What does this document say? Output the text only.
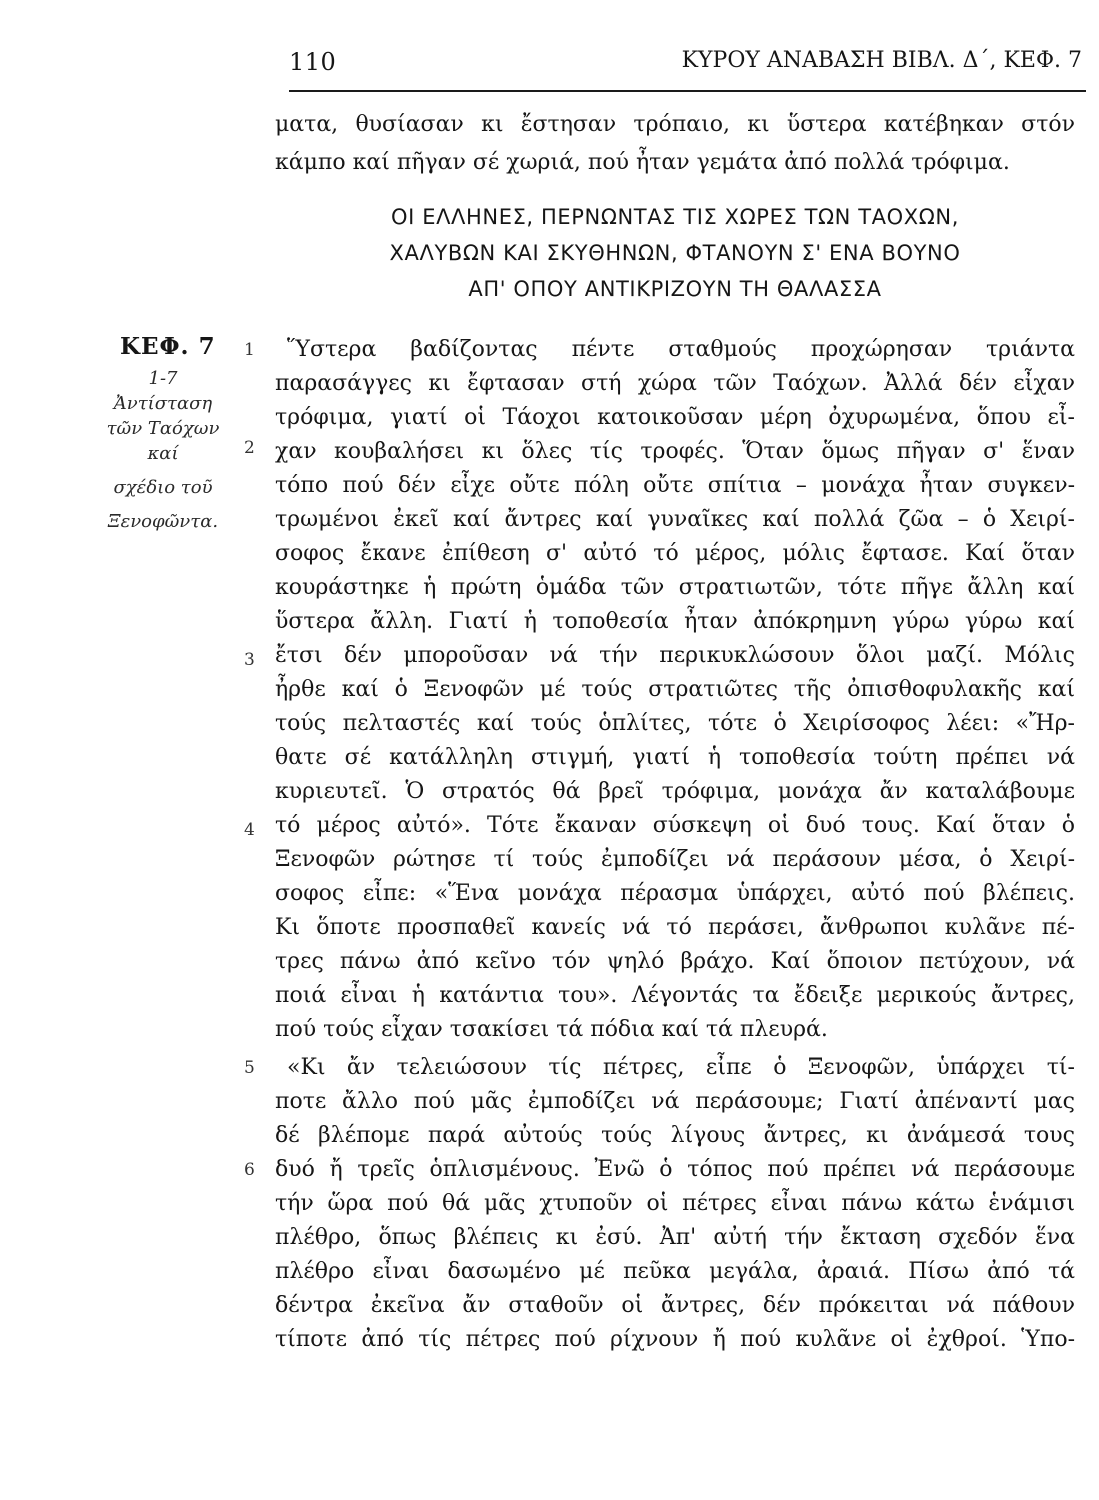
110	ΚΥΡΟΥ ΑΝΑΒΑΣΗ ΒΙΒΛ. Δ΄, ΚΕΦ. 7
ματα, θυσίασαν κι ἔστησαν τρόπαιο, κι ὕστερα κατέβηκαν στόν
κάμπο καί πῆγαν σέ χωριά, πού ἦταν γεμάτα ἀπό πολλά τρόφιμα.
ΟΙ ΕΛΛΗΝΕΣ, ΠΕΡΝΩΝΤΑΣ ΤΙΣ ΧΩΡΕΣ ΤΩΝ ΤΑΟΧΩΝ,
ΧΑΛΥΒΩΝ ΚΑΙ ΣΚΥΘΗΝΩΝ, ΦΤΑΝΟΥΝ Σ' ΕΝΑ ΒΟΥΝΟ
ΑΠ' ΟΠΟΥ ΑΝΤΙΚΡΙΖΟΥΝ ΤΗ ΘΑΛΑΣΣΑ
ΚΕΦ. 7
1-7
Ἀντίσταση
τῶν Ταόχων
καί
σχέδιο τοῦ
Ξενοφῶντα.
1
2
3
4
5
6
Ὕστερα βαδίζοντας πέντε σταθμούς προχώρησαν τριάντα
παρασάγγες κι ἔφτασαν στή χώρα τῶν Ταόχων. Ἀλλά δέν εἶχαν
τρόφιμα, γιατί οἱ Τάοχοι κατοικοῦσαν μέρη ὀχυρωμένα, ὅπου εἶ-
χαν κουβαλήσει κι ὅλες τίς τροφές. Ὅταν ὅμως πῆγαν σ' ἕναν
τόπο πού δέν εἶχε οὔτε πόλη οὔτε σπίτια – μονάχα ἦταν συγκεν-
τρωμένοι ἐκεῖ καί ἄντρες καί γυναῖκες καί πολλά ζῶα – ὁ Χειρί-
σοφος ἔκανε ἐπίθεση σ' αὐτό τό μέρος, μόλις ἔφτασε. Καί ὅταν
κουράστηκε ἡ πρώτη ὁμάδα τῶν στρατιωτῶν, τότε πῆγε ἄλλη καί
ὕστερα ἄλλη. Γιατί ἡ τοποθεσία ἦταν ἀπόκρημνη γύρω γύρω καί
ἔτσι δέν μποροῦσαν νά τήν περικυκλώσουν ὅλοι μαζί. Μόλις
ἦρθε καί ὁ Ξενοφῶν μέ τούς στρατιῶτες τῆς ὀπισθοφυλακῆς καί
τούς πελταστές καί τούς ὁπλίτες, τότε ὁ Χειρίσοφος λέει: «Ἤρ-
θατε σέ κατάλληλη στιγμή, γιατί ἡ τοποθεσία τούτη πρέπει νά
κυριευτεῖ. Ὁ στρατός θά βρεῖ τρόφιμα, μονάχα ἄν καταλάβουμε
τό μέρος αὐτό». Τότε ἔκαναν σύσκεψη οἱ δυό τους. Καί ὅταν ὁ
Ξενοφῶν ρώτησε τί τούς ἐμποδίζει νά περάσουν μέσα, ὁ Χειρί-
σοφος εἶπε: «Ἕνα μονάχα πέρασμα ὑπάρχει, αὐτό πού βλέπεις.
Κι ὅποτε προσπαθεῖ κανείς νά τό περάσει, ἄνθρωποι κυλᾶνε πέ-
τρες πάνω ἀπό κεῖνο τόν ψηλό βράχο. Καί ὅποιον πετύχουν, νά
ποιά εἶναι ἡ κατάντια του». Λέγοντάς τα ἔδειξε μερικούς ἄντρες,
πού τούς εἶχαν τσακίσει τά πόδια καί τά πλευρά.
«Κι ἄν τελειώσουν τίς πέτρες, εἶπε ὁ Ξενοφῶν, ὑπάρχει τί-
ποτε ἄλλο πού μᾶς ἐμποδίζει νά περάσουμε; Γιατί ἀπέναντί μας
δέ βλέπομε παρά αὐτούς τούς λίγους ἄντρες, κι ἀνάμεσά τους
δυό ἤ τρεῖς ὁπλισμένους. Ἐνῶ ὁ τόπος πού πρέπει νά περάσουμε
τήν ὥρα πού θά μᾶς χτυποῦν οἱ πέτρες εἶναι πάνω κάτω ἑνάμισι
πλέθρο, ὅπως βλέπεις κι ἐσύ. Ἀπ' αὐτή τήν ἔκταση σχεδόν ἕνα
πλέθρο εἶναι δασωμένο μέ πεῦκα μεγάλα, ἀραιά. Πίσω ἀπό τά
δέντρα ἐκεῖνα ἄν σταθοῦν οἱ ἄντρες, δέν πρόκειται νά πάθουν
τίποτε ἀπό τίς πέτρες πού ρίχνουν ἤ πού κυλᾶνε οἱ ἐχθροί. Ὑπο-
